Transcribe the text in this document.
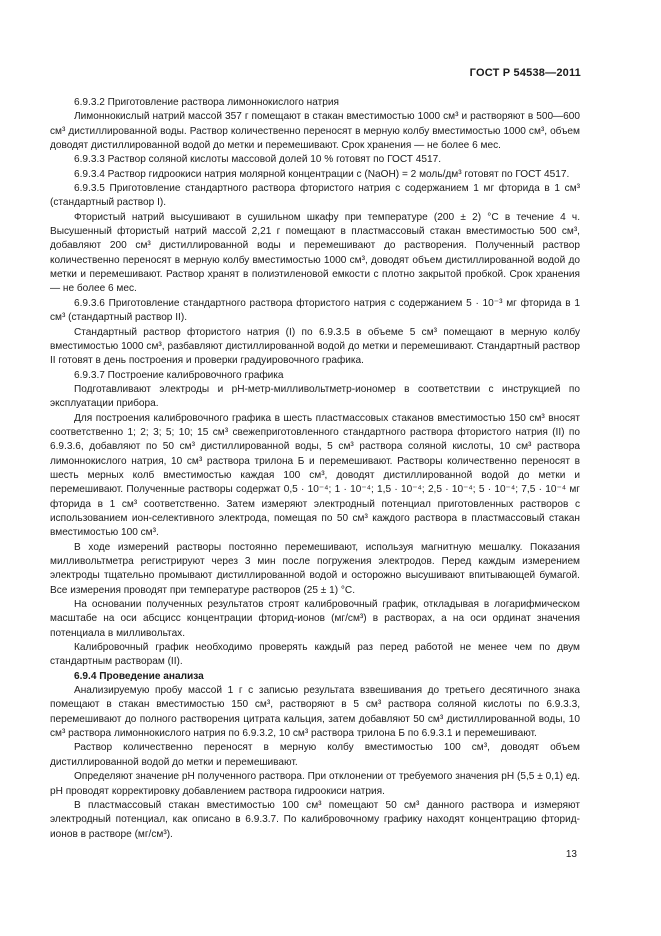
ГОСТ Р 54538—2011

6.9.3.2 Приготовление раствора лимоннокислого натрия

Лимоннокислый натрий массой 357 г помещают в стакан вместимостью 1000 см³ и растворяют в 500—600 см³ дистиллированной воды. Раствор количественно переносят в мерную колбу вместимостью 1000 см³, объем доводят дистиллированной водой до метки и перемешивают. Срок хранения — не более 6 мес.

6.9.3.3 Раствор соляной кислоты массовой долей 10 % готовят по ГОСТ 4517.

6.9.3.4 Раствор гидроокиси натрия молярной концентрации c (NaOH) = 2 моль/дм³ готовят по ГОСТ 4517.

6.9.3.5 Приготовление стандартного раствора фтористого натрия с содержанием 1 мг фторида в 1 см³ (стандартный раствор I).

Фтористый натрий высушивают в сушильном шкафу при температуре (200 ± 2) °С в течение 4 ч. Высушенный фтористый натрий массой 2,21 г помещают в пластмассовый стакан вместимостью 500 см³, добавляют 200 см³ дистиллированной воды и перемешивают до растворения. Полученный раствор количественно переносят в мерную колбу вместимостью 1000 см³, доводят объем дистиллированной водой до метки и перемешивают. Раствор хранят в полиэтиленовой емкости с плотно закрытой пробкой. Срок хранения — не более 6 мес.

6.9.3.6 Приготовление стандартного раствора фтористого натрия с содержанием 5 · 10⁻³ мг фторида в 1 см³ (стандартный раствор II).

Стандартный раствор фтористого натрия (I) по 6.9.3.5 в объеме 5 см³ помещают в мерную колбу вместимостью 1000 см³, разбавляют дистиллированной водой до метки и перемешивают. Стандартный раствор II готовят в день построения и проверки градуировочного графика.

6.9.3.7 Построение калибровочного графика

Подготавливают электроды и рН-метр-милливольтметр-иономер в соответствии с инструкцией по эксплуатации прибора.

Для построения калибровочного графика в шесть пластмассовых стаканов вместимостью 150 см³ вносят соответственно 1; 2; 3; 5; 10; 15 см³ свежеприготовленного стандартного раствора фтористого натрия (II) по 6.9.3.6, добавляют по 50 см³ дистиллированной воды, 5 см³ раствора соляной кислоты, 10 см³ раствора лимоннокислого натрия, 10 см³ раствора трилона Б и перемешивают. Растворы количественно переносят в шесть мерных колб вместимостью каждая 100 см³, доводят дистиллированной водой до метки и перемешивают. Полученные растворы содержат 0,5 · 10⁻⁴; 1 · 10⁻⁴; 1,5 · 10⁻⁴; 2,5 · 10⁻⁴; 5 · 10⁻⁴; 7,5 · 10⁻⁴ мг фторида в 1 см³ соответственно. Затем измеряют электродный потенциал приготовленных растворов с использованием ион-селективного электрода, помещая по 50 см³ каждого раствора в пластмассовый стакан вместимостью 100 см³.

В ходе измерений растворы постоянно перемешивают, используя магнитную мешалку. Показания милливольтметра регистрируют через 3 мин после погружения электродов. Перед каждым измерением электроды тщательно промывают дистиллированной водой и осторожно высушивают впитывающей бумагой. Все измерения проводят при температуре растворов (25 ± 1) °С.

На основании полученных результатов строят калибровочный график, откладывая в логарифмическом масштабе на оси абсцисс концентрации фторид-ионов (мг/см³) в растворах, а на оси ординат значения потенциала в милливольтах.

Калибровочный график необходимо проверять каждый раз перед работой не менее чем по двум стандартным растворам (II).

6.9.4 Проведение анализа

Анализируемую пробу массой 1 г с записью результата взвешивания до третьего десятичного знака помещают в стакан вместимостью 150 см³, растворяют в 5 см³ раствора соляной кислоты по 6.9.3.3, перемешивают до полного растворения цитрата кальция, затем добавляют 50 см³ дистиллированной воды, 10 см³ раствора лимоннокислого натрия по 6.9.3.2, 10 см³ раствора трилона Б по 6.9.3.1 и перемешивают.

Раствор количественно переносят в мерную колбу вместимостью 100 см³, доводят объем дистиллированной водой до метки и перемешивают.

Определяют значение рН полученного раствора. При отклонении от требуемого значения рН (5,5 ± 0,1) ед. рН проводят корректировку добавлением раствора гидроокиси натрия.

В пластмассовый стакан вместимостью 100 см³ помещают 50 см³ данного раствора и измеряют электродный потенциал, как описано в 6.9.3.7. По калибровочному графику находят концентрацию фторид-ионов в растворе (мг/см³).

13
